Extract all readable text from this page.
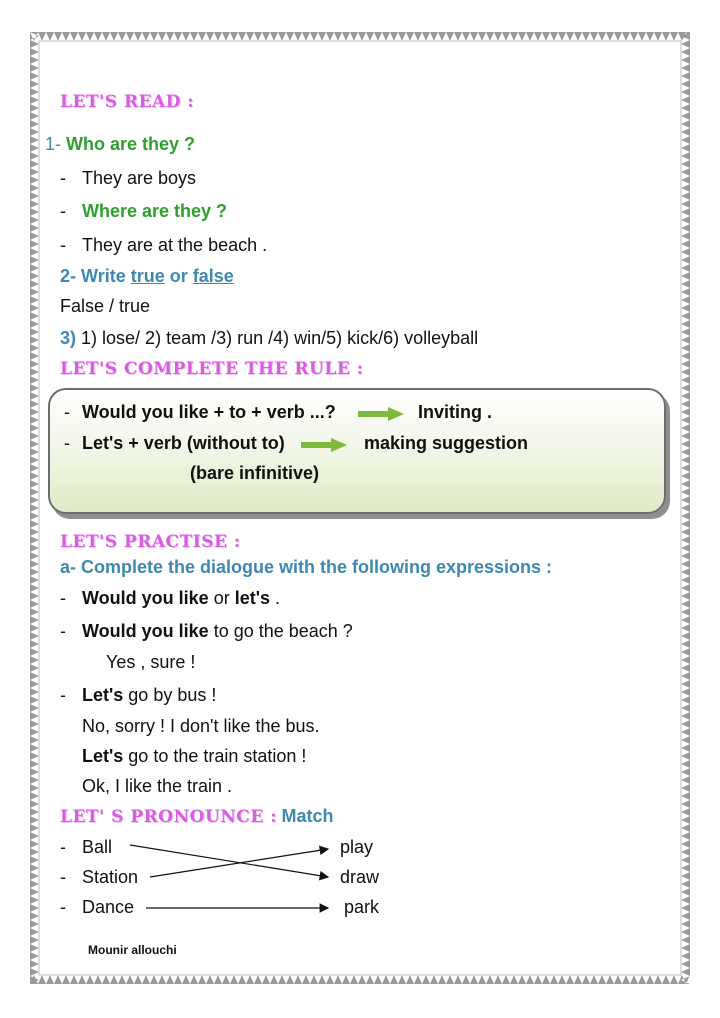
LET'S READ :
1- Who are they ?
- They are boys
- Where are they ?
- They are at the beach .
2- Write true or false
False / true
3) 1) lose/ 2) team /3) run /4) win/5) kick/6) volleyball
LET'S COMPLETE THE RULE :
- Would you like + to + verb ...?	Inviting .
- Let's + verb (without to)	making suggestion
(bare infinitive)
LET'S PRACTISE :
a- Complete the dialogue with the following expressions :
- Would you like or let's .
- Would you like to go the beach ?
Yes , sure !
- Let's go by bus !
No, sorry ! I don't like the bus.
Let's go to the train station !
Ok, I like the train .
LET' S PRONOUNCE : Match
- Ball
- Station
- Dance
play
draw
park
Mounir allouchi
